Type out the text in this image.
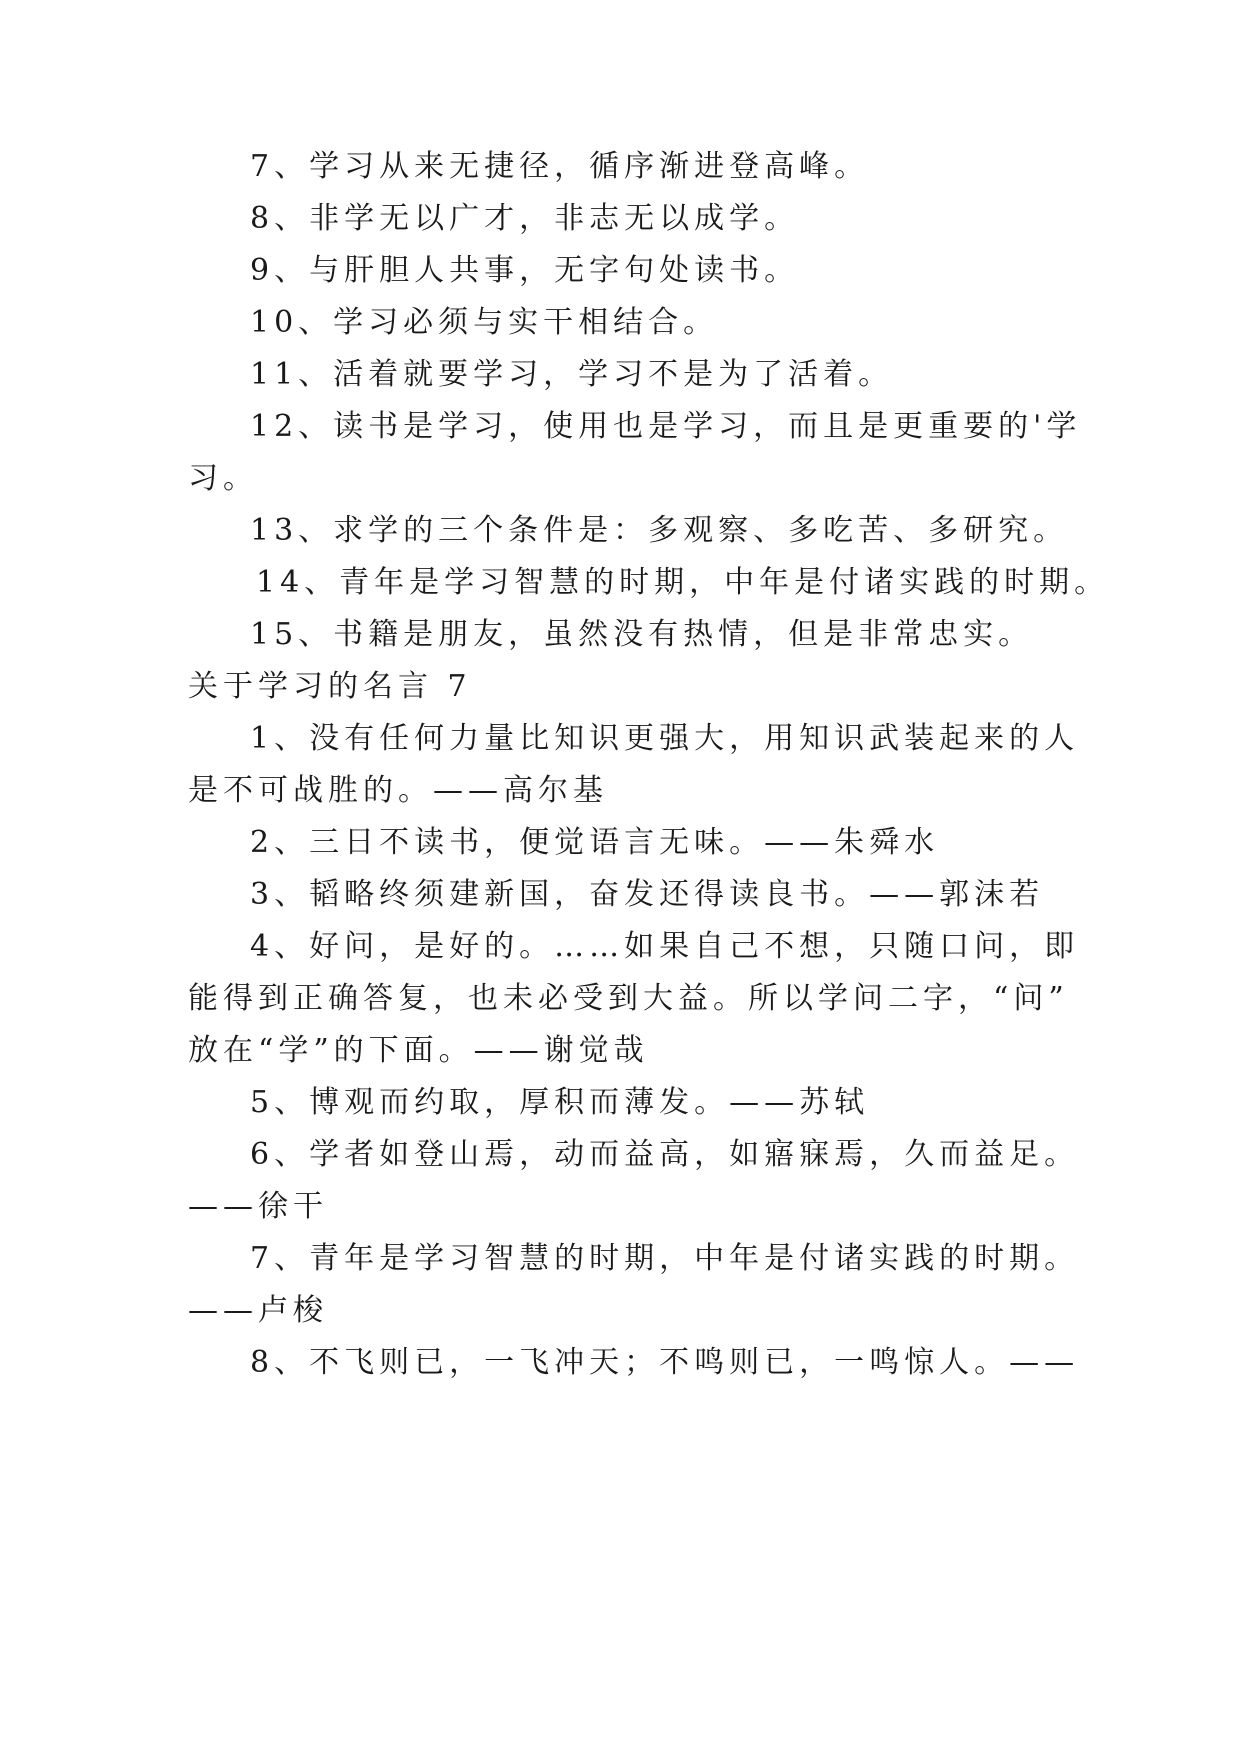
7、学习从来无捷径，循序渐进登高峰。

8、非学无以广才，非志无以成学。

9、与肝胆人共事，无字句处读书。

10、学习必须与实干相结合。

11、活着就要学习，学习不是为了活着。

12、读书是学习，使用也是学习，而且是更重要的'学

习。

13、求学的三个条件是：多观察、多吃苦、多研究。

14、青年是学习智慧的时期，中年是付诸实践的时期。

15、书籍是朋友，虽然没有热情，但是非常忠实。

关于学习的名言 7

1、没有任何力量比知识更强大，用知识武装起来的人

是不可战胜的。——高尔基

2、三日不读书，便觉语言无味。——朱舜水

3、韬略终须建新国，奋发还得读良书。——郭沫若

4、好问，是好的。……如果自己不想，只随口问，即

能得到正确答复，也未必受到大益。所以学问二字，“问”

放在“学”的下面。——谢觉哉

5、博观而约取，厚积而薄发。——苏轼

6、学者如登山焉，动而益高，如寤寐焉，久而益足。

——徐干

7、青年是学习智慧的时期，中年是付诸实践的时期。

——卢梭

8、不飞则已，一飞冲天；不鸣则已，一鸣惊人。——
